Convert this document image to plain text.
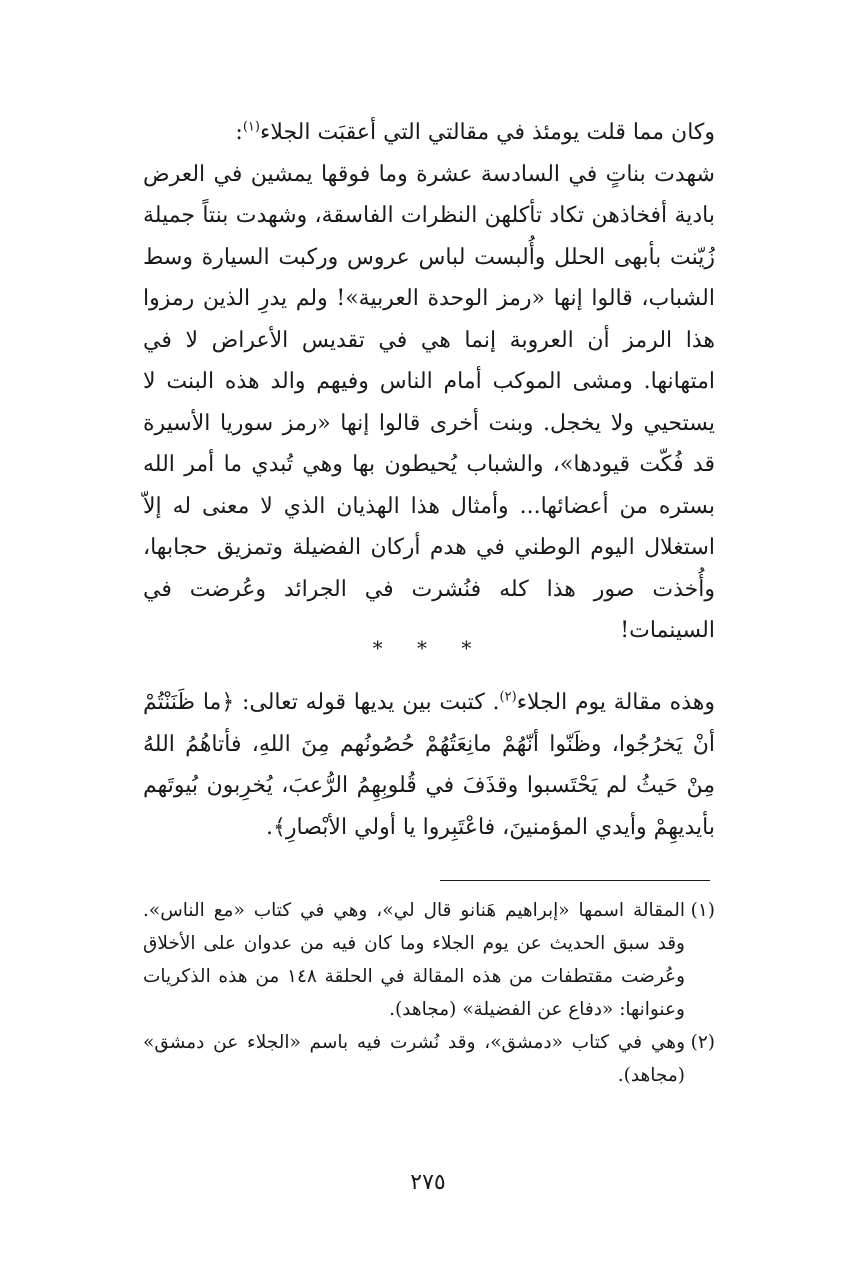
وكان مما قلت يومئذ في مقالتي التي أعقبَت الجلاء$^{(١)}$:

شهدت بناتٍ في السادسة عشرة وما فوقها يمشين في العرض بادية أفخاذهن تكاد تأكلهن النظرات الفاسقة، وشهدت بنتاً جميلة زُيّنت بأبهى الحلل وأُلبست لباس عروس وركبت السيارة وسط الشباب، قالوا إنها «رمز الوحدة العربية»! ولم يدرِ الذين رمزوا هذا الرمز أن العروبة إنما هي في تقديس الأعراض لا في امتهانها. ومشى الموكب أمام الناس وفيهم والد هذه البنت لا يستحيي ولا يخجل. وبنت أخرى قالوا إنها «رمز سوريا الأسيرة قد فُكّت قيودها»، والشباب يُحيطون بها وهي تُبدي ما أمر الله بستره من أعضائها... وأمثال هذا الهذيان الذي لا معنى له إلاّ استغلال اليوم الوطني في هدم أركان الفضيلة وتمزيق حجابها، وأُخذت صور هذا كله فنُشرت في الجرائد وعُرضت في السينمات!

* * *

وهذه مقالة يوم الجلاء$^{(٢)}$. كتبت بين يديها قوله تعالى: ﴿ما ظَنَنْتُمْ أنْ يَخرُجُوا، وظَنّوا أنّهُمْ مانِعَتُهُمْ حُصُونُهم مِنَ اللهِ، فأتاهُمُ اللهُ مِنْ حَيثُ لم يَحْتَسبوا وقذَفَ في قُلوبِهِمُ الرُّعبَ، يُخرِبون بُيوتَهم بأيديهِمْ وأيدي المؤمنينَ، فاعْتَبِروا يا أولي الأبْصارِ﴾.

(١)المقالة اسمها «إبراهيم هَنانو قال لي»، وهي في كتاب «مع الناس». وقد سبق الحديث عن يوم الجلاء وما كان فيه من عدوان على الأخلاق وعُرضت مقتطفات من هذه المقالة في الحلقة ١٤٨ من هذه الذكريات وعنوانها: «دفاع عن الفضيلة» (مجاهد).

(٢)وهي في كتاب «دمشق»، وقد نُشرت فيه باسم «الجلاء عن دمشق» (مجاهد).

٢٧٥
